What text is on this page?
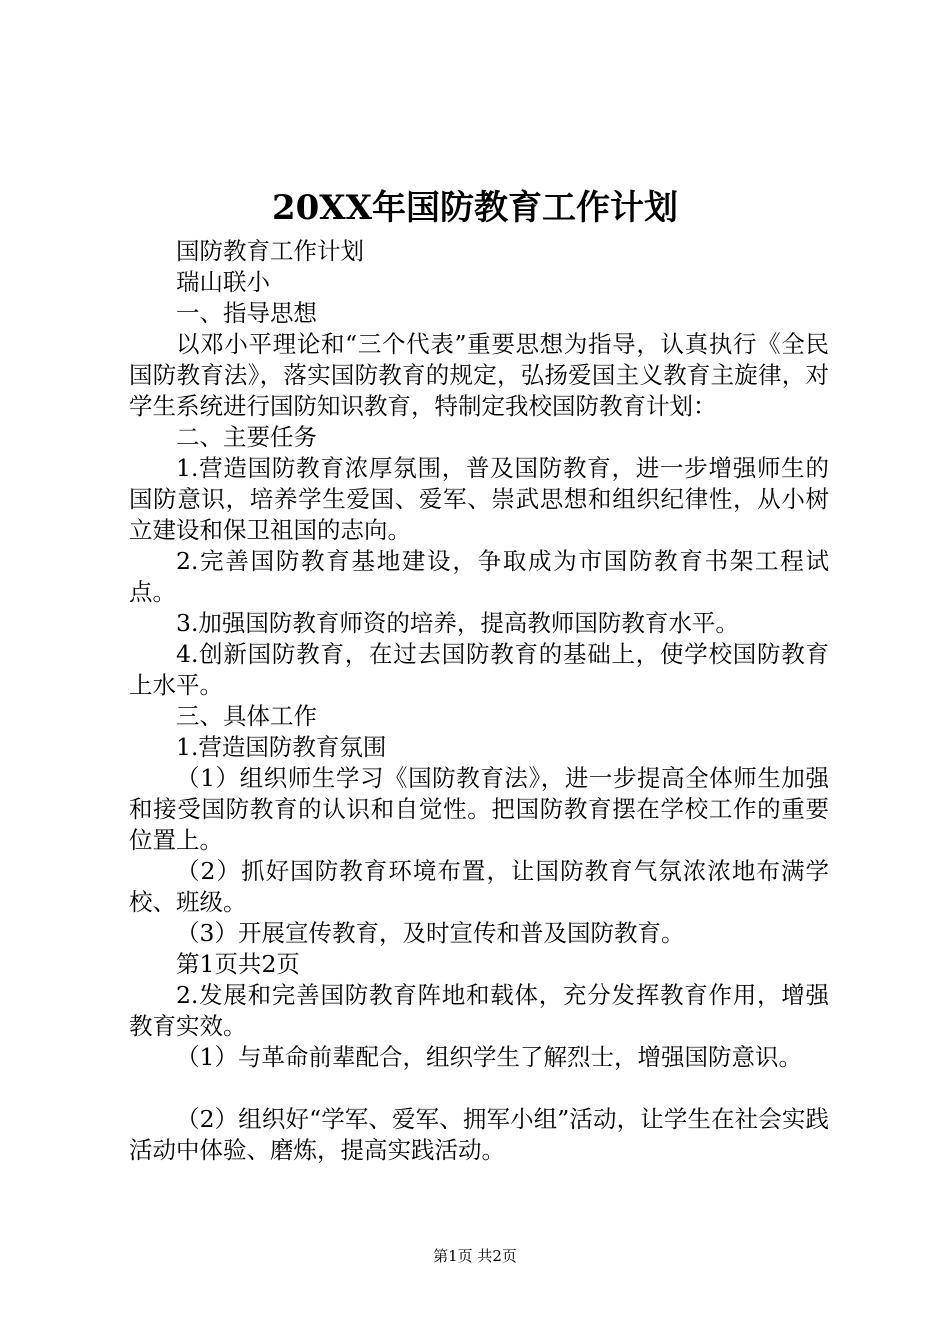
20XX年国防教育工作计划

国防教育工作计划

瑞山联小

一、指导思想

以邓小平理论和“三个代表”重要思想为指导，认真执行《全民国防教育法》，落实国防教育的规定，弘扬爱国主义教育主旋律，对学生系统进行国防知识教育，特制定我校国防教育计划：

二、主要任务

1.营造国防教育浓厚氛围，普及国防教育，进一步增强师生的国防意识，培养学生爱国、爱军、崇武思想和组织纪律性，从小树立建设和保卫祖国的志向。

2.完善国防教育基地建设，争取成为市国防教育书架工程试点。

3.加强国防教育师资的培养，提高教师国防教育水平。

4.创新国防教育，在过去国防教育的基础上，使学校国防教育上水平。

三、具体工作

1.营造国防教育氛围

（1）组织师生学习《国防教育法》，进一步提高全体师生加强和接受国防教育的认识和自觉性。把国防教育摆在学校工作的重要位置上。

（2）抓好国防教育环境布置，让国防教育气氛浓浓地布满学校、班级。

（3）开展宣传教育，及时宣传和普及国防教育。

第1页共2页

2.发展和完善国防教育阵地和载体，充分发挥教育作用，增强教育实效。

（1）与革命前辈配合，组织学生了解烈士，增强国防意识。

（2）组织好“学军、爱军、拥军小组”活动，让学生在社会实践活动中体验、磨炼，提高实践活动。

第1页 共2页
